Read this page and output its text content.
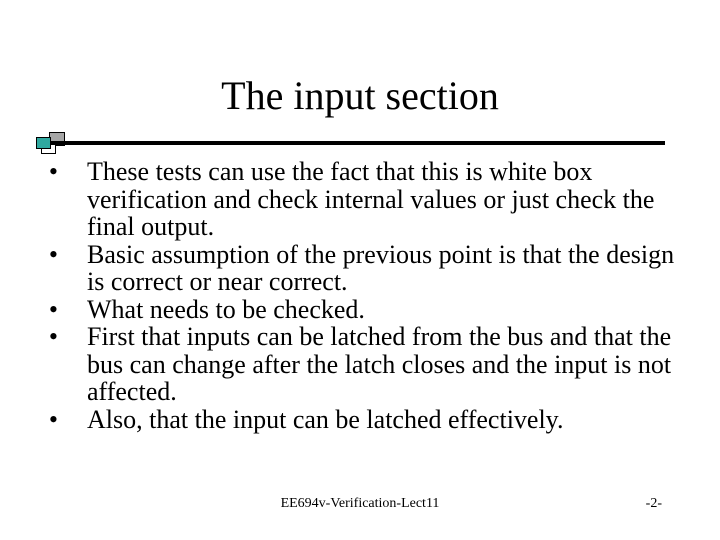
The input section
• These tests can use the fact that this is white box verification and check internal values or just check the final output.
• Basic assumption of the previous point is that the design is correct or near correct.
• What needs to be checked.
• First that inputs can be latched from the bus and that the bus can change after the latch closes and the input is not affected.
• Also, that the input can be latched effectively.
EE694v-Verification-Lect11	-2-
